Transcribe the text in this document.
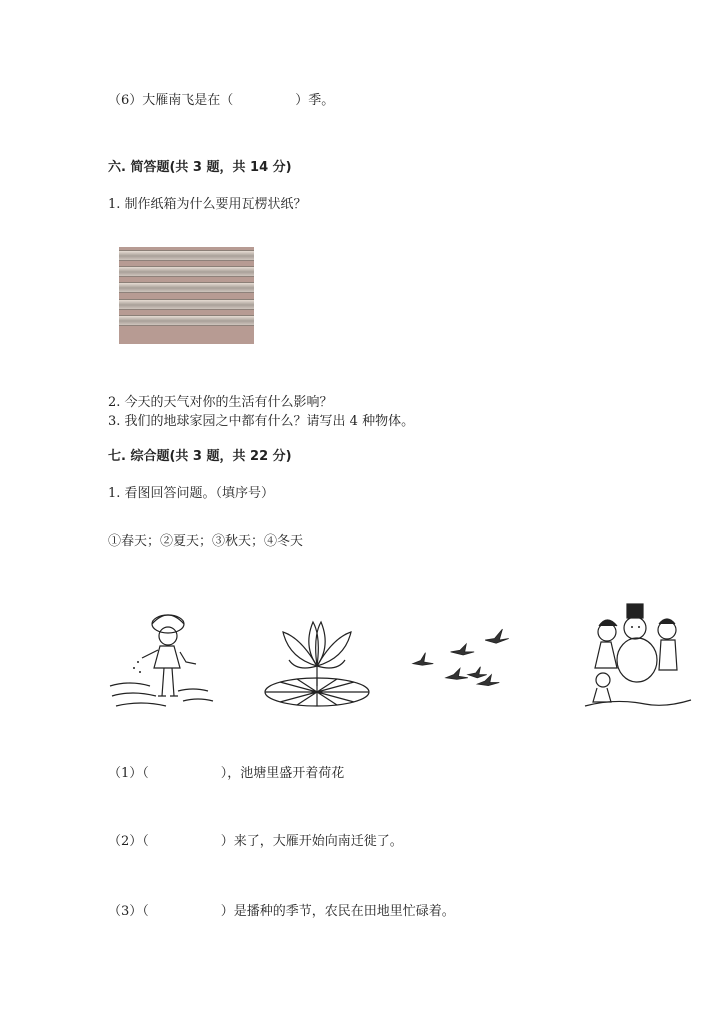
（6）大雁南飞是在（	）季。
六. 简答题(共 3 题，共 14 分)
1. 制作纸箱为什么要用瓦楞状纸？
2. 今天的天气对你的生活有什么影响？
3. 我们的地球家园之中都有什么？请写出 4 种物体。
七. 综合题(共 3 题，共 22 分)
1. 看图回答问题。（填序号）
①春天；②夏天；③秋天；④冬天
（1）（	），池塘里盛开着荷花
（2）（	）来了，大雁开始向南迁徙了。
（3）（	）是播种的季节，农民在田地里忙碌着。
